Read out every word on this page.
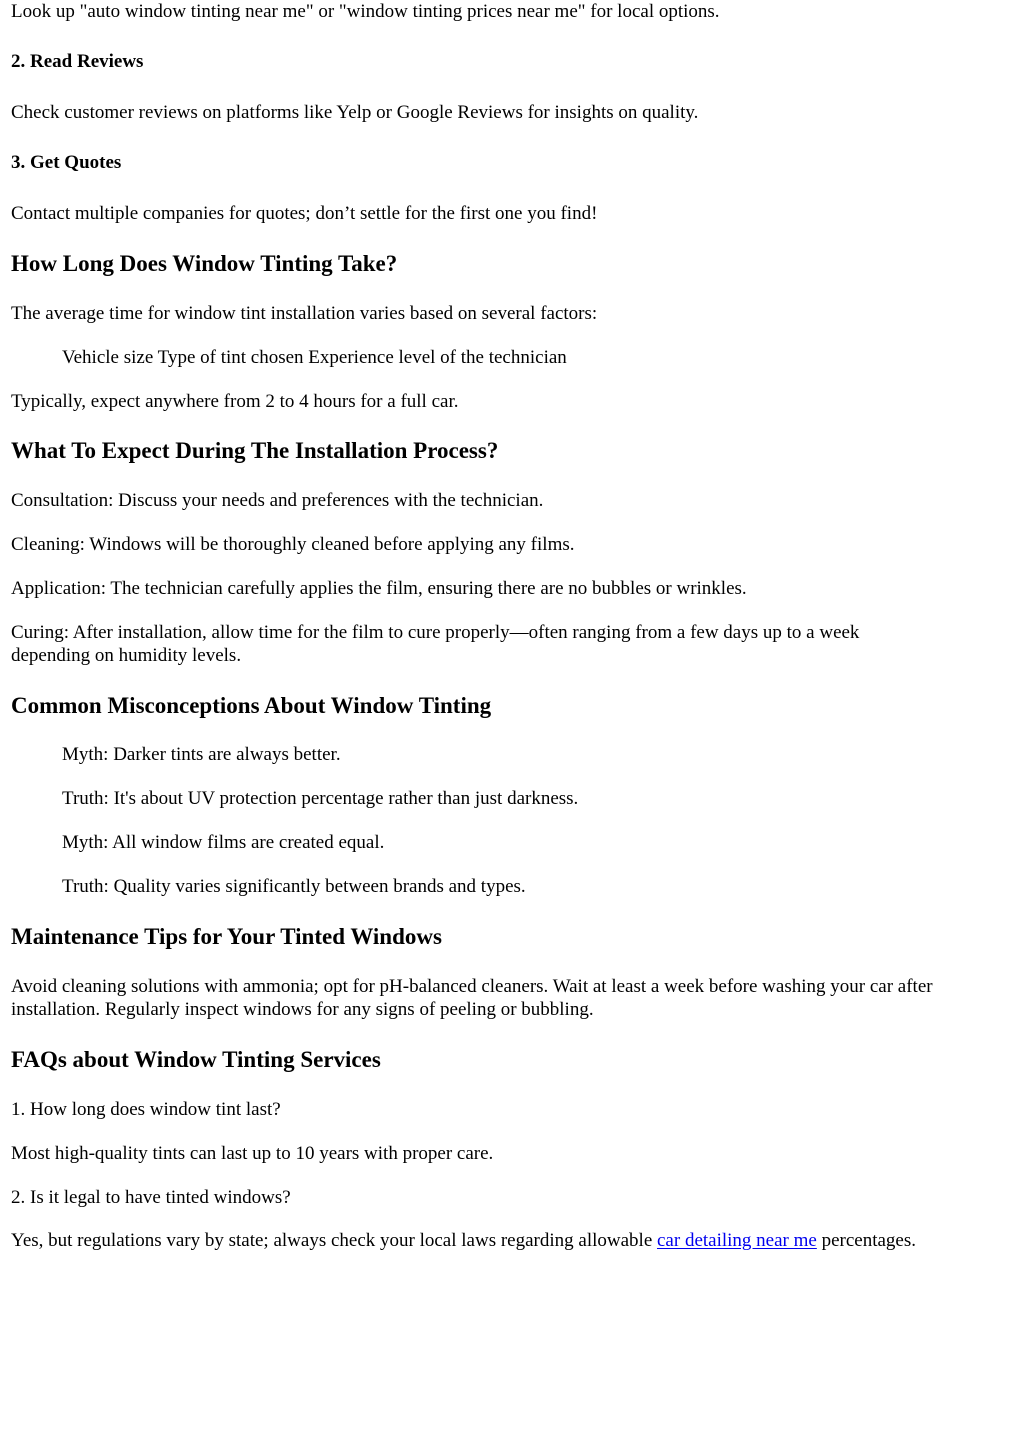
Look up "auto window tinting near me" or "window tinting prices near me" for local options.

2. Read Reviews

Check customer reviews on platforms like Yelp or Google Reviews for insights on quality.

3. Get Quotes

Contact multiple companies for quotes; don’t settle for the first one you find!

How Long Does Window Tinting Take?

The average time for window tint installation varies based on several factors:

Vehicle size Type of tint chosen Experience level of the technician

Typically, expect anywhere from 2 to 4 hours for a full car.

What To Expect During The Installation Process?

Consultation: Discuss your needs and preferences with the technician.

Cleaning: Windows will be thoroughly cleaned before applying any films.

Application: The technician carefully applies the film, ensuring there are no bubbles or wrinkles.

Curing: After installation, allow time for the film to cure properly—often ranging from a few days up to a week
depending on humidity levels.

Common Misconceptions About Window Tinting

Myth: Darker tints are always better.

Truth: It's about UV protection percentage rather than just darkness.

Myth: All window films are created equal.

Truth: Quality varies significantly between brands and types.

Maintenance Tips for Your Tinted Windows

Avoid cleaning solutions with ammonia; opt for pH-balanced cleaners. Wait at least a week before washing your car after
installation. Regularly inspect windows for any signs of peeling or bubbling.

FAQs about Window Tinting Services

1. How long does window tint last?

Most high-quality tints can last up to 10 years with proper care.

2. Is it legal to have tinted windows?

Yes, but regulations vary by state; always check your local laws regarding allowable car detailing near me percentages.
